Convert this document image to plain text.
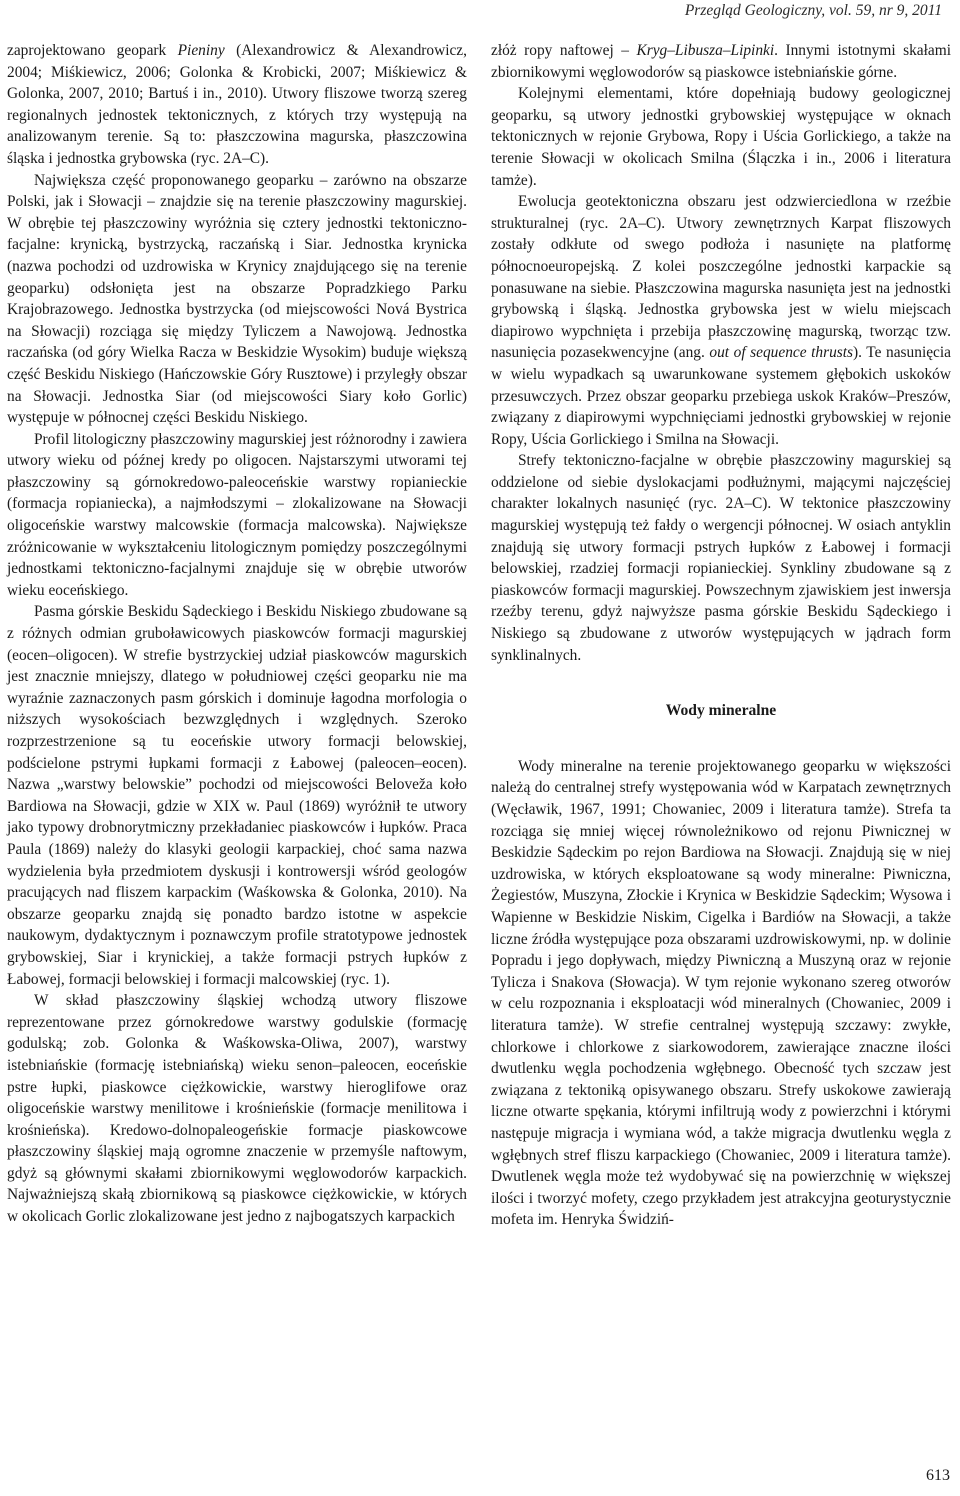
Przegląd Geologiczny, vol. 59, nr 9, 2011

zaprojektowano geopark Pieniny (Alexandrowicz & Alexandrowicz, 2004; Miśkiewicz, 2006; Golonka & Krobicki, 2007; Miśkiewicz & Golonka, 2007, 2010; Bartuś i in., 2010). Utwory fliszowe tworzą szereg regionalnych jednostek tektonicznych, z których trzy występują na analizowanym terenie. Są to: płaszczowina magurska, płaszczowina śląska i jednostka grybowska (ryc. 2A–C).

Największa część proponowanego geoparku – zarówno na obszarze Polski, jak i Słowacji – znajdzie się na terenie płaszczowiny magurskiej. W obrębie tej płaszczowiny wyróżnia się cztery jednostki tektoniczno-facjalne: krynicką, bystrzycką, raczańską i Siar. Jednostka krynicka (nazwa pochodzi od uzdrowiska w Krynicy znajdującego się na terenie geoparku) odsłonięta jest na obszarze Popradzkiego Parku Krajobrazowego. Jednostka bystrzycka (od miejscowości Nová Bystrica na Słowacji) rozciąga się między Tyliczem a Nawojową. Jednostka raczańska (od góry Wielka Racza w Beskidzie Wysokim) buduje większą część Beskidu Niskiego (Hańczowskie Góry Rusztowe) i przyległy obszar na Słowacji. Jednostka Siar (od miejscowości Siary koło Gorlic) występuje w północnej części Beskidu Niskiego.

Profil litologiczny płaszczowiny magurskiej jest różnorodny i zawiera utwory wieku od późnej kredy po oligocen. Najstarszymi utworami tej płaszczowiny są górnokredowo-paleoceńskie warstwy ropianieckie (formacja ropianiecka), a najmłodszymi – zlokalizowane na Słowacji oligoceńskie warstwy malcowskie (formacja malcowska). Największe zróżnicowanie w wykształceniu litologicznym pomiędzy poszczególnymi jednostkami tektoniczno-facjalnymi znajduje się w obrębie utworów wieku eoceńskiego.

Pasma górskie Beskidu Sądeckiego i Beskidu Niskiego zbudowane są z różnych odmian gruboławicowych piaskowców formacji magurskiej (eocen–oligocen). W strefie bystrzyckiej udział piaskowców magurskich jest znacznie mniejszy, dlatego w południowej części geoparku nie ma wyraźnie zaznaczonych pasm górskich i dominuje łagodna morfologia o niższych wysokościach bezwzględnych i względnych. Szeroko rozprzestrzenione są tu eoceńskie utwory formacji belowskiej, podścielone pstrymi łupkami formacji z Łabowej (paleocen–eocen). Nazwa „warstwy belowskie” pochodzi od miejscowości Beloveža koło Bardiowa na Słowacji, gdzie w XIX w. Paul (1869) wyróżnił te utwory jako typowy drobnorytmiczny przekładaniec piaskowców i łupków. Praca Paula (1869) należy do klasyki geologii karpackiej, choć sama nazwa wydzielenia była przedmiotem dyskusji i kontrowersji wśród geologów pracujących nad fliszem karpackim (Waśkowska & Golonka, 2010). Na obszarze geoparku znajdą się ponadto bardzo istotne w aspekcie naukowym, dydaktycznym i poznawczym profile stratotypowe jednostek grybowskiej, Siar i krynickiej, a także formacji pstrych łupków z Łabowej, formacji belowskiej i formacji malcowskiej (ryc. 1).

W skład płaszczowiny śląskiej wchodzą utwory fliszowe reprezentowane przez górnokredowe warstwy godulskie (formację godulską; zob. Golonka & Waśkowska-Oliwa, 2007), warstwy istebniańskie (formację istebniańską) wieku senon–paleocen, eoceńskie pstre łupki, piaskowce ciężkowickie, warstwy hieroglifowe oraz oligoceńskie warstwy menilitowe i krośnieńskie (formacje menilitowa i krośnieńska). Kredowo-dolnopaleogeńskie formacje piaskowcowe płaszczowiny śląskiej mają ogromne znaczenie w przemyśle naftowym, gdyż są głównymi skałami zbiornikowymi węglowodorów karpackich. Najważniejszą skałą zbiornikową są piaskowce ciężkowickie, w których w okolicach Gorlic zlokalizowane jest jedno z najbogatszych karpackich

złóż ropy naftowej – Kryg–Libusza–Lipinki. Innymi istotnymi skałami zbiornikowymi węglowodorów są piaskowce istebniańskie górne.

Kolejnymi elementami, które dopełniają budowy geologicznej geoparku, są utwory jednostki grybowskiej występujące w oknach tektonicznych w rejonie Grybowa, Ropy i Uścia Gorlickiego, a także na terenie Słowacji w okolicach Smilna (Ślączka i in., 2006 i literatura tamże).

Ewolucja geotektoniczna obszaru jest odzwierciedlona w rzeźbie strukturalnej (ryc. 2A–C). Utwory zewnętrznych Karpat fliszowych zostały odkłute od swego podłoża i nasunięte na platformę północnoeuropejską. Z kolei poszczególne jednostki karpackie są ponasuwane na siebie. Płaszczowina magurska nasunięta jest na jednostki grybowską i śląską. Jednostka grybowska jest w wielu miejscach diapirowo wypchnięta i przebija płaszczowinę magurską, tworząc tzw. nasunięcia pozasekwencyjne (ang. out of sequence thrusts). Te nasunięcia w wielu wypadkach są uwarunkowane systemem głębokich uskoków przesuwczych. Przez obszar geoparku przebiega uskok Kraków–Preszów, związany z diapirowymi wypchnięciami jednostki grybowskiej w rejonie Ropy, Uścia Gorlickiego i Smilna na Słowacji.

Strefy tektoniczno-facjalne w obrębie płaszczowiny magurskiej są oddzielone od siebie dyslokacjami podłużnymi, mającymi najczęściej charakter lokalnych nasunięć (ryc. 2A–C). W tektonice płaszczowiny magurskiej występują też fałdy o wergencji północnej. W osiach antyklin znajdują się utwory formacji pstrych łupków z Łabowej i formacji belowskiej, rzadziej formacji ropianieckiej. Synkliny zbudowane są z piaskowców formacji magurskiej. Powszechnym zjawiskiem jest inwersja rzeźby terenu, gdyż najwyższe pasma górskie Beskidu Sądeckiego i Niskiego są zbudowane z utworów występujących w jądrach form synklinalnych.

Wody mineralne

Wody mineralne na terenie projektowanego geoparku w większości należą do centralnej strefy występowania wód w Karpatach zewnętrznych (Węcławik, 1967, 1991; Chowaniec, 2009 i literatura tamże). Strefa ta rozciąga się mniej więcej równoleżnikowo od rejonu Piwnicznej w Beskidzie Sądeckim po rejon Bardiowa na Słowacji. Znajdują się w niej uzdrowiska, w których eksploatowane są wody mineralne: Piwniczna, Żegiestów, Muszyna, Złockie i Krynica w Beskidzie Sądeckim; Wysowa i Wapienne w Beskidzie Niskim, Cigelka i Bardiów na Słowacji, a także liczne źródła występujące poza obszarami uzdrowiskowymi, np. w dolinie Popradu i jego dopływach, między Piwniczną a Muszyną oraz w rejonie Tylicza i Snakova (Słowacja). W tym rejonie wykonano szereg otworów w celu rozpoznania i eksploatacji wód mineralnych (Chowaniec, 2009 i literatura tamże). W strefie centralnej występują szczawy: zwykłe, chlorkowe i chlorkowe z siarkowodorem, zawierające znaczne ilości dwutlenku węgla pochodzenia wgłębnego. Obecność tych szczaw jest związana z tektoniką opisywanego obszaru. Strefy uskokowe zawierają liczne otwarte spękania, którymi infiltrują wody z powierzchni i którymi następuje migracja i wymiana wód, a także migracja dwutlenku węgla z wgłębnych stref fliszu karpackiego (Chowaniec, 2009 i literatura tamże). Dwutlenek węgla może też wydobywać się na powierzchnię w większej ilości i tworzyć mofety, czego przykładem jest atrakcyjna geoturystycznie mofeta im. Henryka Świdziń-

613
